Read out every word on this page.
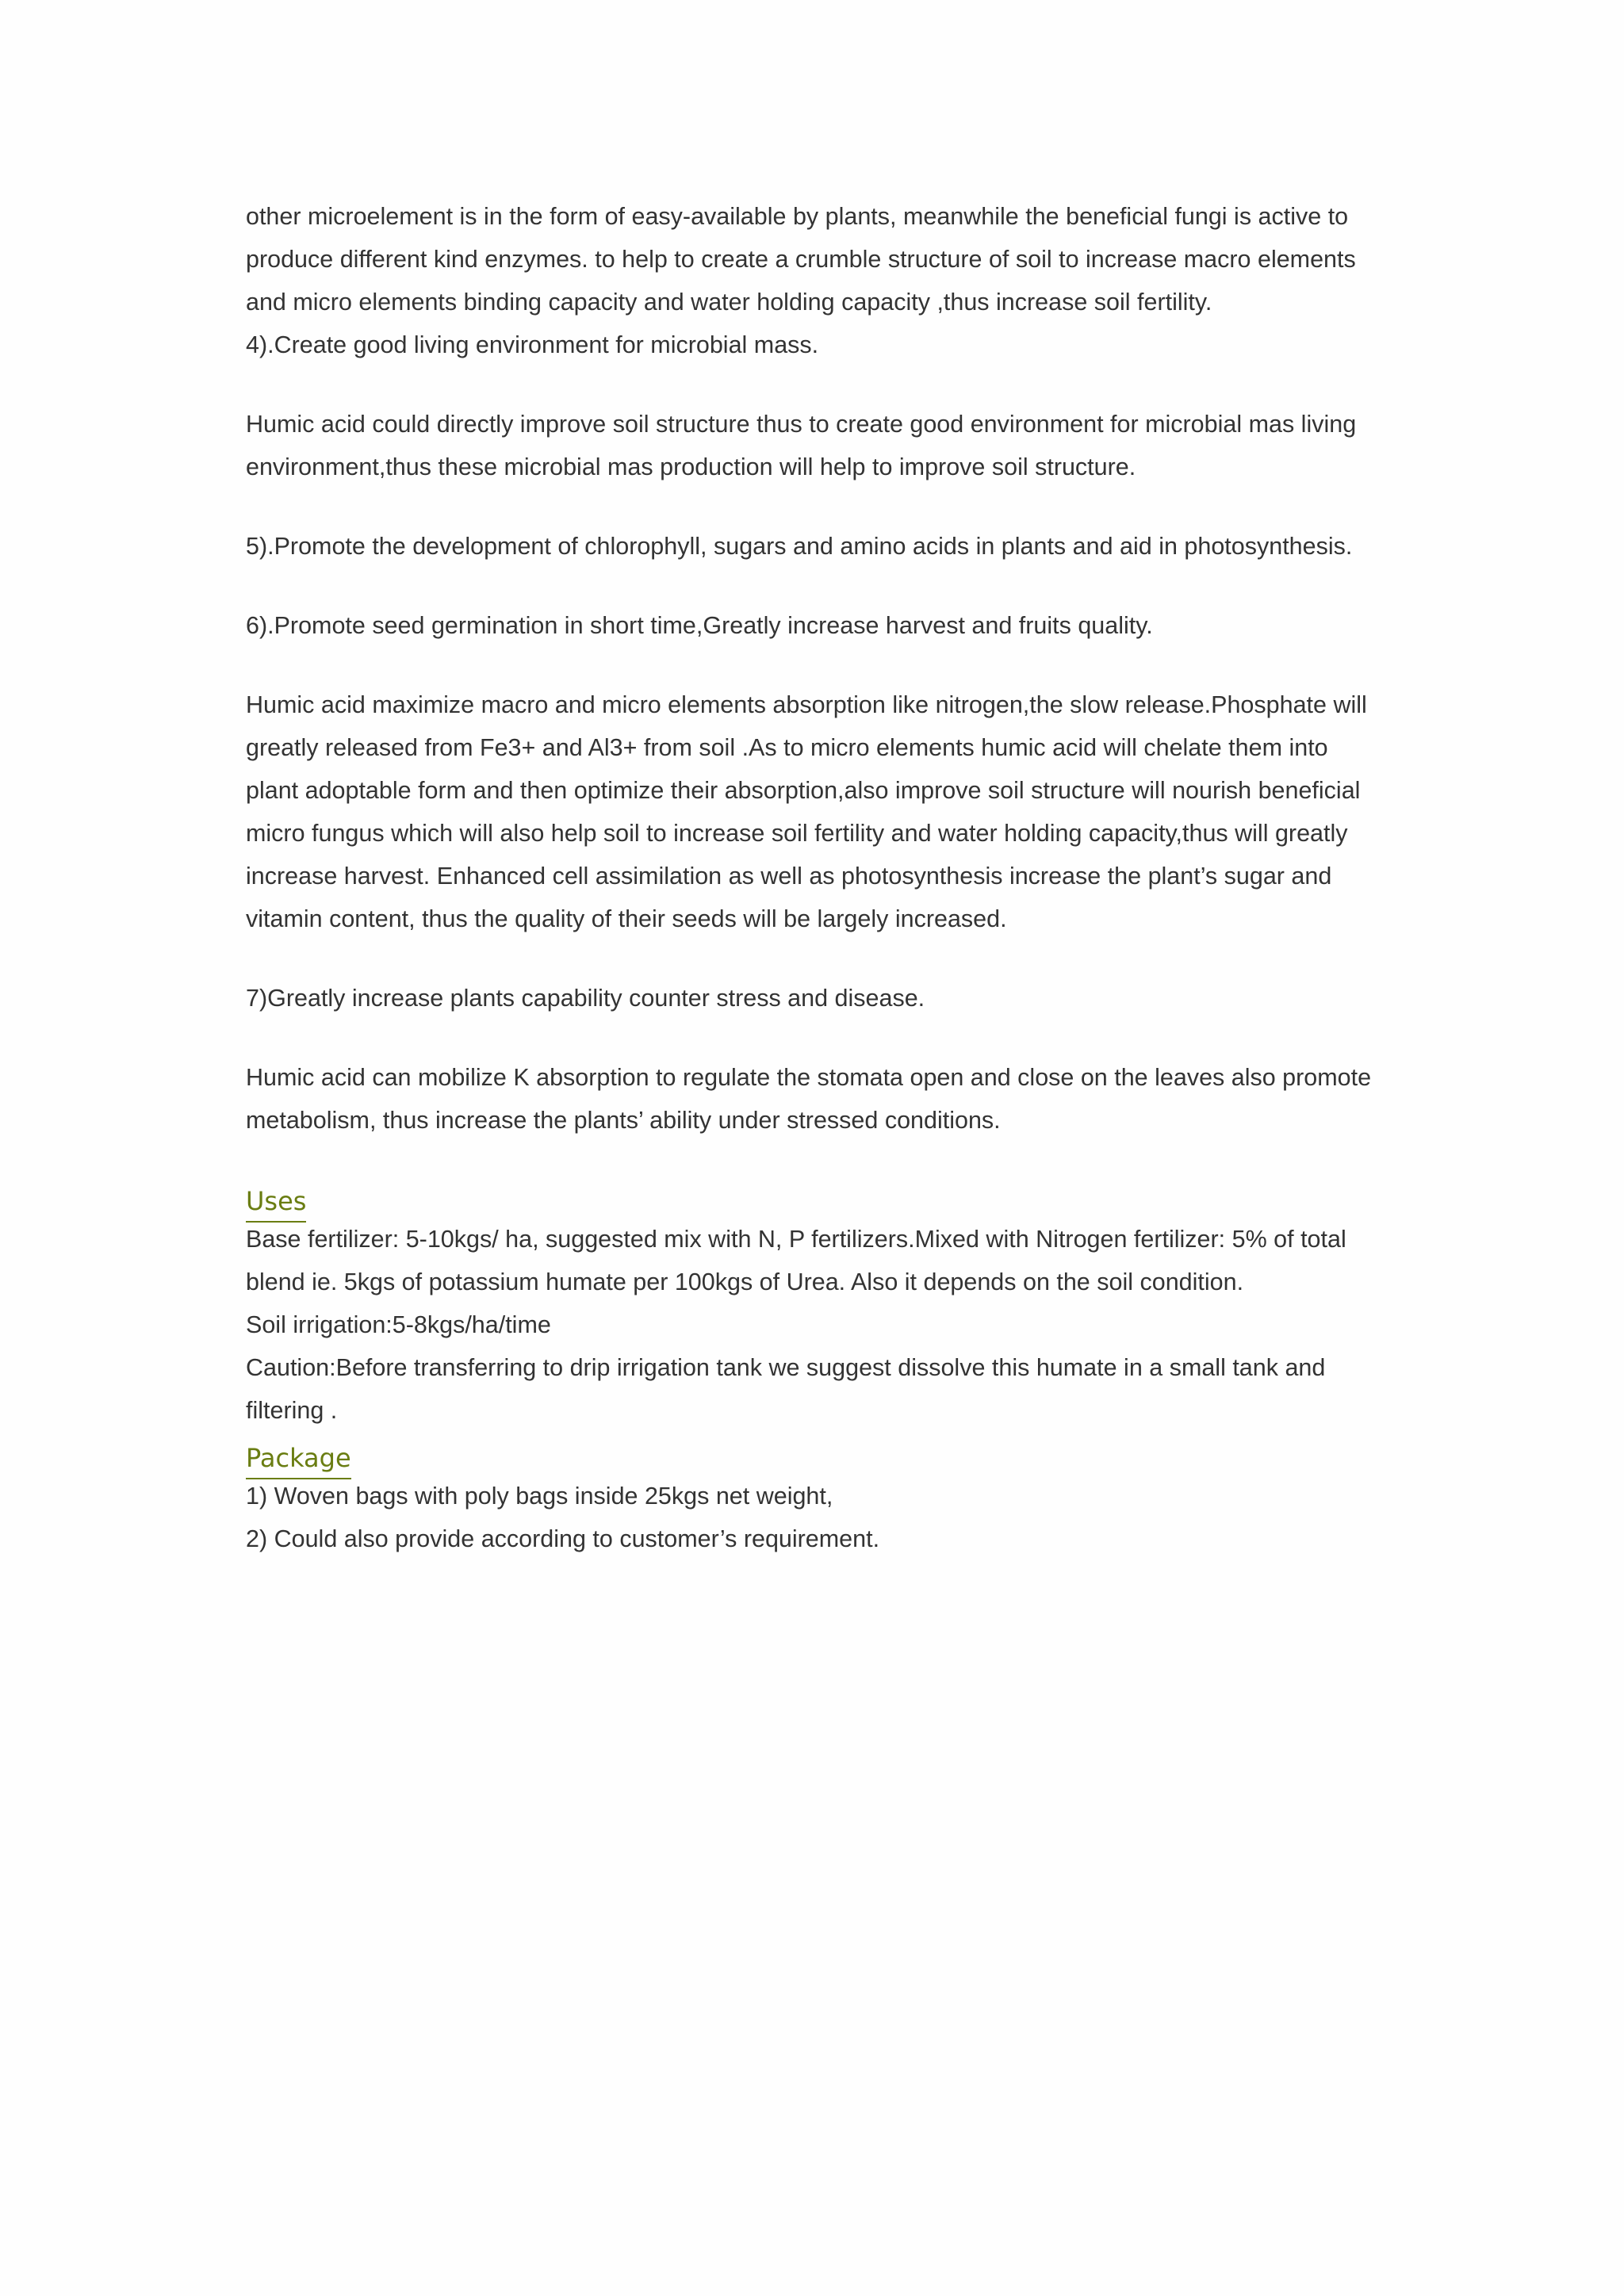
other microelement is in the form of easy-available by plants, meanwhile the beneficial fungi is active to
produce different kind enzymes. to help to create a crumble structure of soil to increase macro elements
and micro elements binding capacity and water holding capacity ,thus increase soil fertility.
4).Create good living environment for microbial mass.
Humic acid could directly improve soil structure thus to create good environment for microbial mas living
environment,thus these microbial mas production will help to improve soil structure.
5).Promote the development of chlorophyll, sugars and amino acids in plants and aid in photosynthesis.
6).Promote seed germination in short time,Greatly increase harvest and fruits quality.
Humic acid maximize macro and micro elements absorption like nitrogen,the slow release.Phosphate will
greatly released from Fe3+ and Al3+ from soil .As to micro elements humic acid will chelate them into
plant adoptable form and then optimize their absorption,also improve soil structure will nourish beneficial
micro fungus which will also help soil to increase soil fertility and water holding capacity,thus will greatly
increase harvest. Enhanced cell assimilation as well as photosynthesis increase the plant’s sugar and
vitamin content, thus the quality of their seeds will be largely increased.
7)Greatly increase plants capability counter stress and disease.
Humic acid can mobilize K absorption to regulate the stomata open and close on the leaves also promote
metabolism, thus increase the plants’ ability under stressed conditions.
Uses
Base fertilizer: 5-10kgs/ ha, suggested mix with N, P fertilizers.Mixed with Nitrogen fertilizer: 5% of total
blend ie. 5kgs of potassium humate per 100kgs of Urea. Also it depends on the soil condition.
Soil irrigation:5-8kgs/ha/time
Caution:Before transferring to drip irrigation tank we suggest dissolve this humate in a small tank and
filtering .
Package
1) Woven bags with poly bags inside 25kgs net weight,
2) Could also provide according to customer’s requirement.
